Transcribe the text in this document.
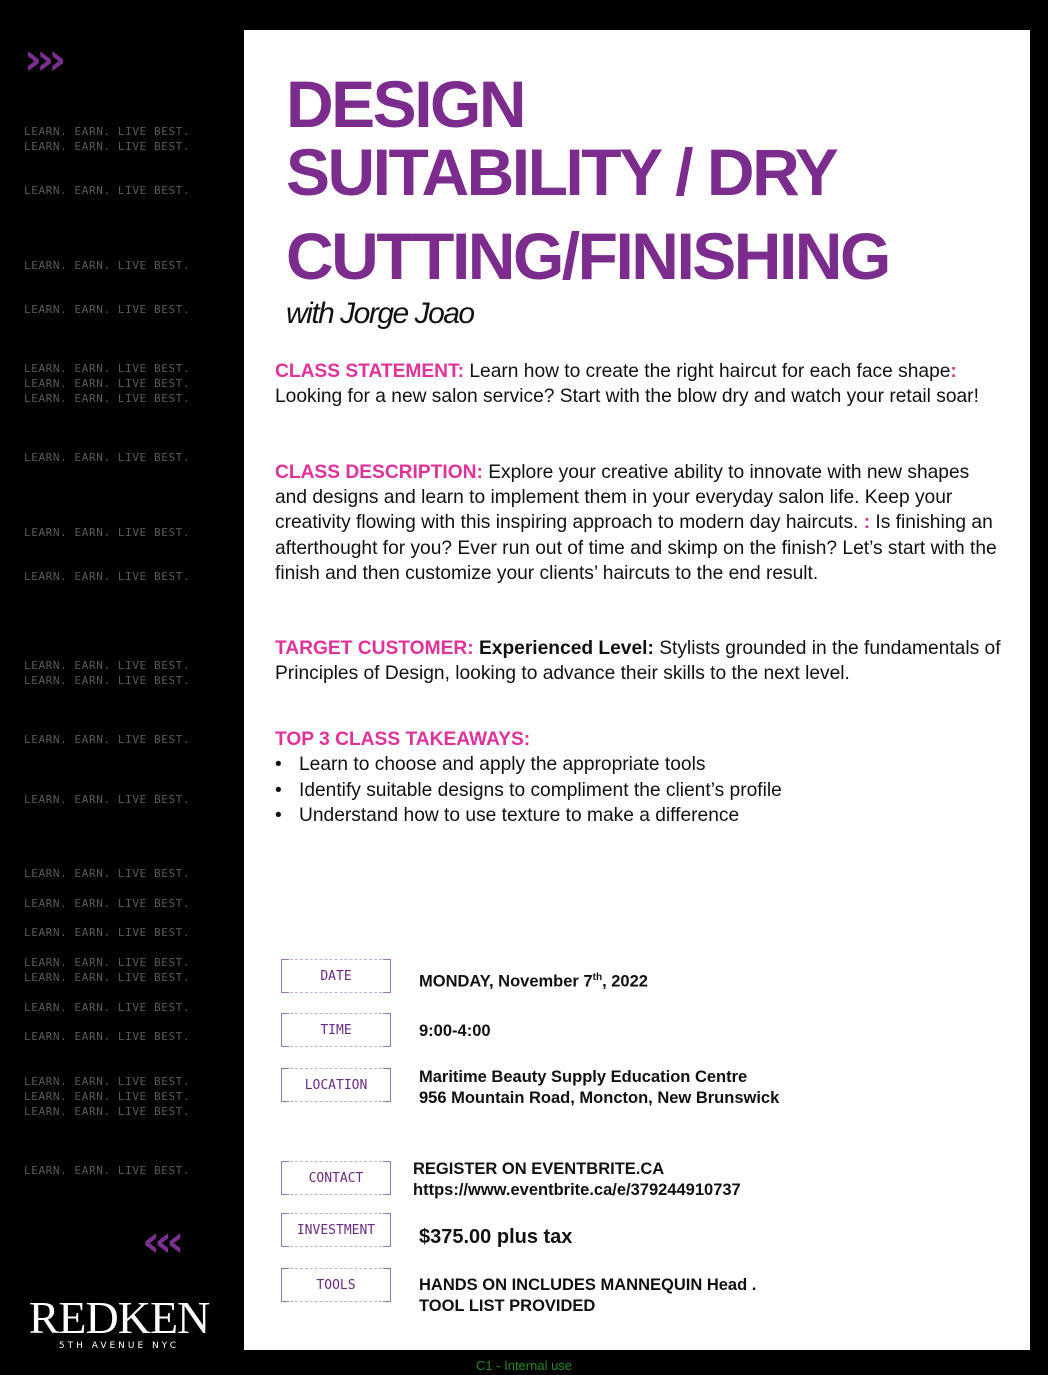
›››
LEARN. EARN. LIVE BEST.
LEARN. EARN. LIVE BEST.
LEARN. EARN. LIVE BEST.
LEARN. EARN. LIVE BEST.
LEARN. EARN. LIVE BEST.
LEARN. EARN. LIVE BEST.
LEARN. EARN. LIVE BEST.
LEARN. EARN. LIVE BEST.
LEARN. EARN. LIVE BEST.
LEARN. EARN. LIVE BEST.
LEARN. EARN. LIVE BEST.
LEARN. EARN. LIVE BEST.
LEARN. EARN. LIVE BEST.
LEARN. EARN. LIVE BEST.
LEARN. EARN. LIVE BEST.
LEARN. EARN. LIVE BEST.
LEARN. EARN. LIVE BEST.
LEARN. EARN. LIVE BEST.
LEARN. EARN. LIVE BEST.
LEARN. EARN. LIVE BEST.
LEARN. EARN. LIVE BEST.
LEARN. EARN. LIVE BEST.
LEARN. EARN. LIVE BEST.
LEARN. EARN. LIVE BEST.
LEARN. EARN. LIVE BEST.
LEARN. EARN. LIVE BEST.
‹‹‹
REDKEN
5TH AVENUE NYC
DESIGN
SUITABILITY / DRY
CUTTING/FINISHING
with Jorge Joao

CLASS STATEMENT: Learn how to create the right haircut for each face shape: Looking for a new salon service? Start with the blow dry and watch your retail soar!

CLASS DESCRIPTION: Explore your creative ability to innovate with new shapes and designs and learn to implement them in your everyday salon life. Keep your creativity flowing with this inspiring approach to modern day haircuts. : Is finishing an afterthought for you? Ever run out of time and skimp on the finish? Let’s start with the finish and then customize your clients’ haircuts to the end result.

TARGET CUSTOMER: Experienced Level: Stylists grounded in the fundamentals of Principles of Design, looking to advance their skills to the next level.

TOP 3 CLASS TAKEAWAYS:
• Learn to choose and apply the appropriate tools
• Identify suitable designs to compliment the client’s profile
• Understand how to use texture to make a difference
DATE	MONDAY, November 7th, 2022
TIME	9:00-4:00
LOCATION	Maritime Beauty Supply Education Centre
956 Mountain Road, Moncton, New Brunswick
CONTACT	REGISTER ON EVENTBRITE.CA
https://www.eventbrite.ca/e/379244910737
INVESTMENT $375.00 plus tax
TOOLS	HANDS ON INCLUDES MANNEQUIN Head .
TOOL LIST PROVIDED
C1 - Internal use
